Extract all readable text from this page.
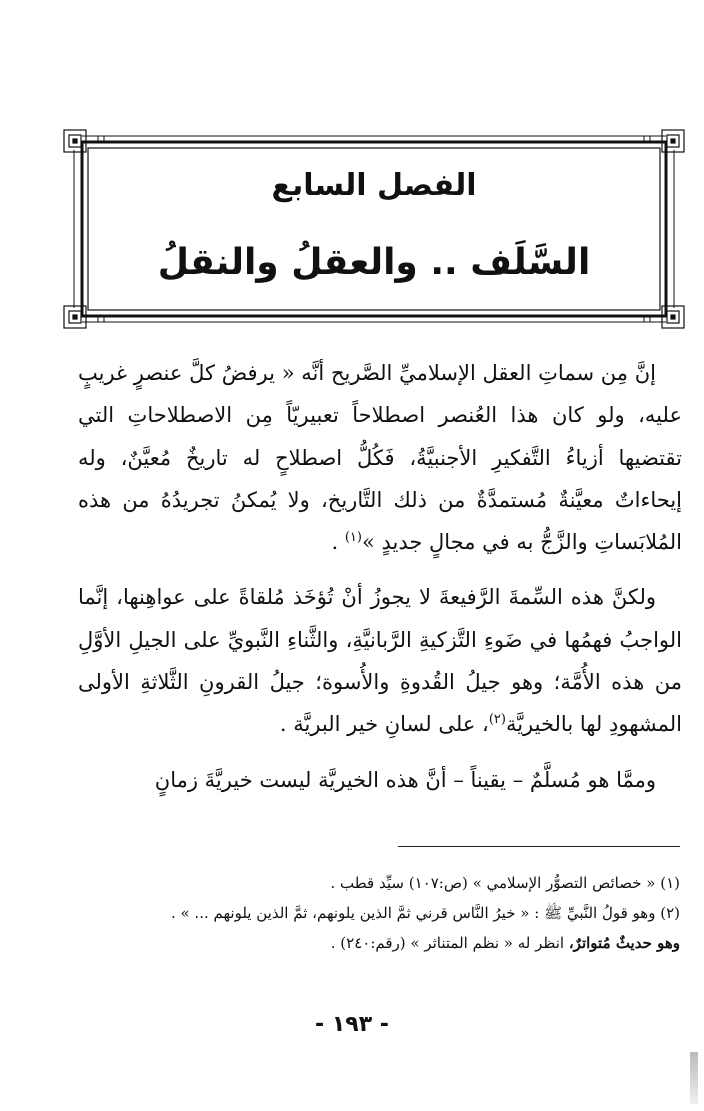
الفصل السابع
السَّلَف .. والعقلُ والنقلُ

إنَّ مِن سماتِ العقل الإسلاميِّ الصَّريح أنَّه « يرفضُ كلَّ عنصرٍ غريبٍ عليه، ولو كان هذا العُنصر اصطلاحاً تعبيريّاً مِن الاصطلاحاتِ التي تقتضيها أزياءُ التَّفكيرِ الأجنبيَّةُ، فَكُلُّ اصطلاحٍ له تاريخٌ مُعيَّنٌ، وله إيحاءاتٌ معيَّنةٌ مُستمدَّةٌ من ذلك التَّاريخ، ولا يُمكنُ تجريدُهُ من هذه المُلابَساتِ والزَّجُّ به في مجالٍ جديدٍ »$^{(١)}$ .

ولكنَّ هذه السِّمةَ الرَّفيعةَ لا يجوزُ أنْ تُؤخَذ مُلقاةً على عواهِنها، إنَّما الواجبُ فهمُها في ضَوءِ التَّزكيةِ الرَّبانيَّةِ، والثَّناءِ النَّبويِّ على الجيلِ الأوَّلِ من هذه الأُمَّة؛ وهو جيلُ القُدوةِ والأُسوة؛ جيلُ القرونِ الثَّلاثةِ الأولى المشهودِ لها بالخيريَّة$^{(٢)}$، على لسانِ خير البريَّة .

وممَّا هو مُسلَّمٌ – يقيناً – أنَّ هذه الخيريَّة ليست خيريَّةَ زمانٍ

(١) « خصائص التصوُّر الإسلامي » (ص:١٠٧) سيِّد قطب .

(٢) وهو قولُ النَّبيِّ ﷺ : « خيرُ النَّاس قرني ثمَّ الذين يلونهم، ثمَّ الذين يلونهم ... » .

وهو حديثٌ مُتواترٌ، انظر له « نظم المتناثر » (رقم:٢٤٠) .

- ١٩٣ -
